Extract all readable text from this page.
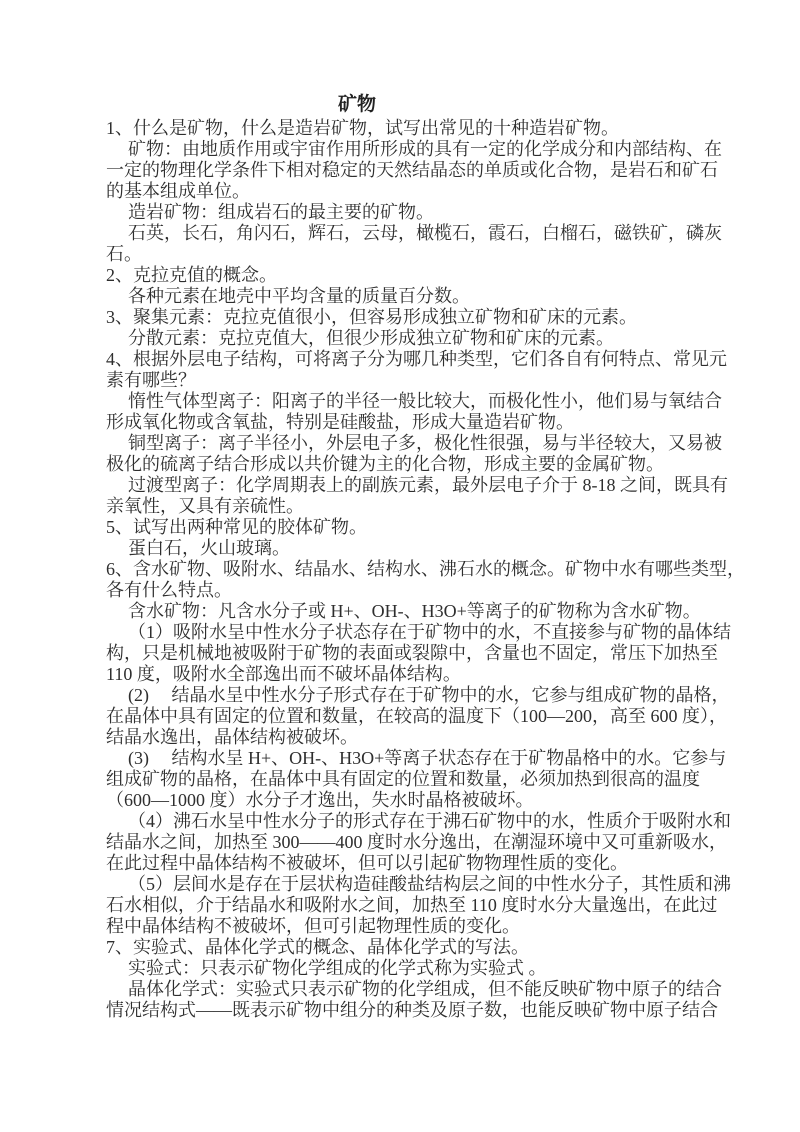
矿物
1、什么是矿物，什么是造岩矿物，试写出常见的十种造岩矿物。
矿物：由地质作用或宇宙作用所形成的具有一定的化学成分和内部结构、在
一定的物理化学条件下相对稳定的天然结晶态的单质或化合物，是岩石和矿石
的基本组成单位。
造岩矿物：组成岩石的最主要的矿物。
石英，长石，角闪石，辉石，云母，橄榄石，霞石，白榴石，磁铁矿，磷灰
石。
2、克拉克值的概念。
各种元素在地壳中平均含量的质量百分数。
3、聚集元素：克拉克值很小，但容易形成独立矿物和矿床的元素。
分散元素：克拉克值大，但很少形成独立矿物和矿床的元素。
4、根据外层电子结构，可将离子分为哪几种类型，它们各自有何特点、常见元
素有哪些？
惰性气体型离子：阳离子的半径一般比较大，而极化性小，他们易与氧结合
形成氧化物或含氧盐，特别是硅酸盐，形成大量造岩矿物。
铜型离子：离子半径小，外层电子多，极化性很强，易与半径较大，又易被
极化的硫离子结合形成以共价键为主的化合物，形成主要的金属矿物。
过渡型离子：化学周期表上的副族元素，最外层电子介于 8-18 之间，既具有
亲氧性，又具有亲硫性。
5、试写出两种常见的胶体矿物。
蛋白石，火山玻璃。
6、含水矿物、吸附水、结晶水、结构水、沸石水的概念。矿物中水有哪些类型，
各有什么特点。
含水矿物：凡含水分子或 H+、OH-、H3O+等离子的矿物称为含水矿物。
（1）吸附水呈中性水分子状态存在于矿物中的水，不直接参与矿物的晶体结
构，只是机械地被吸附于矿物的表面或裂隙中，含量也不固定，常压下加热至
110 度，吸附水全部逸出而不破坏晶体结构。
(2)　 结晶水呈中性水分子形式存在于矿物中的水，它参与组成矿物的晶格，
在晶体中具有固定的位置和数量，在较高的温度下（100—200，高至 600 度），
结晶水逸出，晶体结构被破坏。
(3)　 结构水呈 H+、OH-、H3O+等离子状态存在于矿物晶格中的水。它参与
组成矿物的晶格，在晶体中具有固定的位置和数量，必须加热到很高的温度
（600—1000 度）水分子才逸出，失水时晶格被破坏。
（4）沸石水呈中性水分子的形式存在于沸石矿物中的水，性质介于吸附水和
结晶水之间，加热至 300——400 度时水分逸出，在潮湿环境中又可重新吸水，
在此过程中晶体结构不被破坏，但可以引起矿物物理性质的变化。
（5）层间水是存在于层状构造硅酸盐结构层之间的中性水分子，其性质和沸
石水相似，介于结晶水和吸附水之间，加热至 110 度时水分大量逸出，在此过
程中晶体结构不被破坏，但可引起物理性质的变化。
7、实验式、晶体化学式的概念、晶体化学式的写法。
实验式：只表示矿物化学组成的化学式称为实验式 。
晶体化学式：实验式只表示矿物的化学组成，但不能反映矿物中原子的结合
情况结构式——既表示矿物中组分的种类及原子数，也能反映矿物中原子结合
